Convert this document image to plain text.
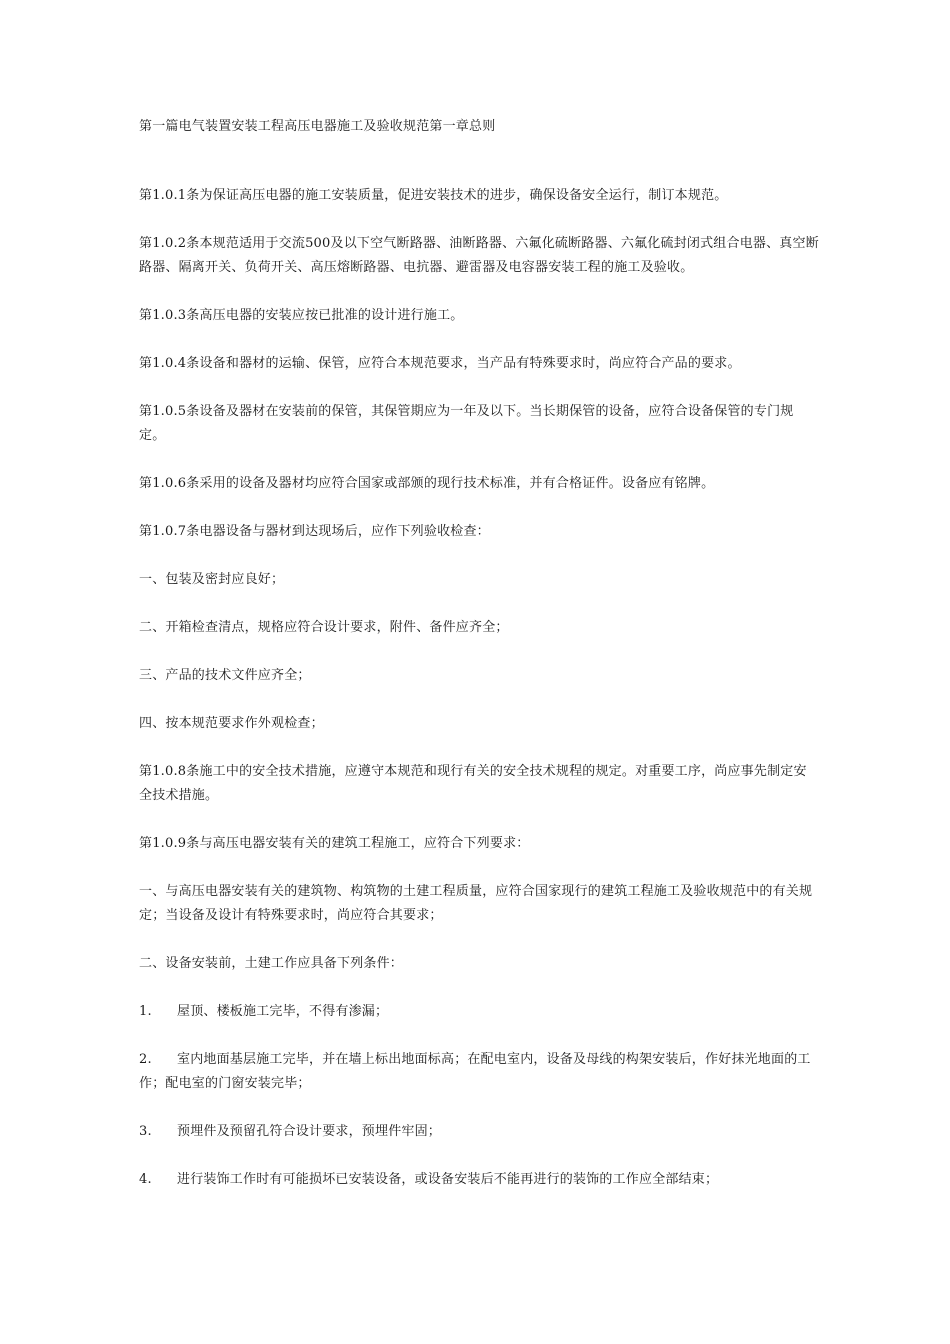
第一篇电气装置安装工程高压电器施工及验收规范第一章总则
第1.0.1条为保证高压电器的施工安装质量，促进安装技术的进步，确保设备安全运行，制订本规范。
第1.0.2条本规范适用于交流500及以下空气断路器、油断路器、六氟化硫断路器、六氟化硫封闭式组合电器、真空断路器、隔离开关、负荷开关、高压熔断路器、电抗器、避雷器及电容器安装工程的施工及验收。
第1.0.3条高压电器的安装应按已批准的设计进行施工。
第1.0.4条设备和器材的运输、保管，应符合本规范要求，当产品有特殊要求时，尚应符合产品的要求。
第1.0.5条设备及器材在安装前的保管，其保管期应为一年及以下。当长期保管的设备，应符合设备保管的专门规定。
第1.0.6条采用的设备及器材均应符合国家或部颁的现行技术标准，并有合格证件。设备应有铭牌。
第1.0.7条电器设备与器材到达现场后，应作下列验收检查：
一、包装及密封应良好；
二、开箱检查清点，规格应符合设计要求，附件、备件应齐全；
三、产品的技术文件应齐全；
四、按本规范要求作外观检查；
第1.0.8条施工中的安全技术措施，应遵守本规范和现行有关的安全技术规程的规定。对重要工序，尚应事先制定安全技术措施。
第1.0.9条与高压电器安装有关的建筑工程施工，应符合下列要求：
一、与高压电器安装有关的建筑物、构筑物的土建工程质量，应符合国家现行的建筑工程施工及验收规范中的有关规定；当设备及设计有特殊要求时，尚应符合其要求；
二、设备安装前，土建工作应具备下列条件：
1. 屋顶、楼板施工完毕，不得有渗漏；
2. 室内地面基层施工完毕，并在墙上标出地面标高；在配电室内，设备及母线的构架安装后，作好抹光地面的工作；配电室的门窗安装完毕；
3. 预埋件及预留孔符合设计要求，预埋件牢固；
4. 进行装饰工作时有可能损坏已安装设备，或设备安装后不能再进行的装饰的工作应全部结束；
